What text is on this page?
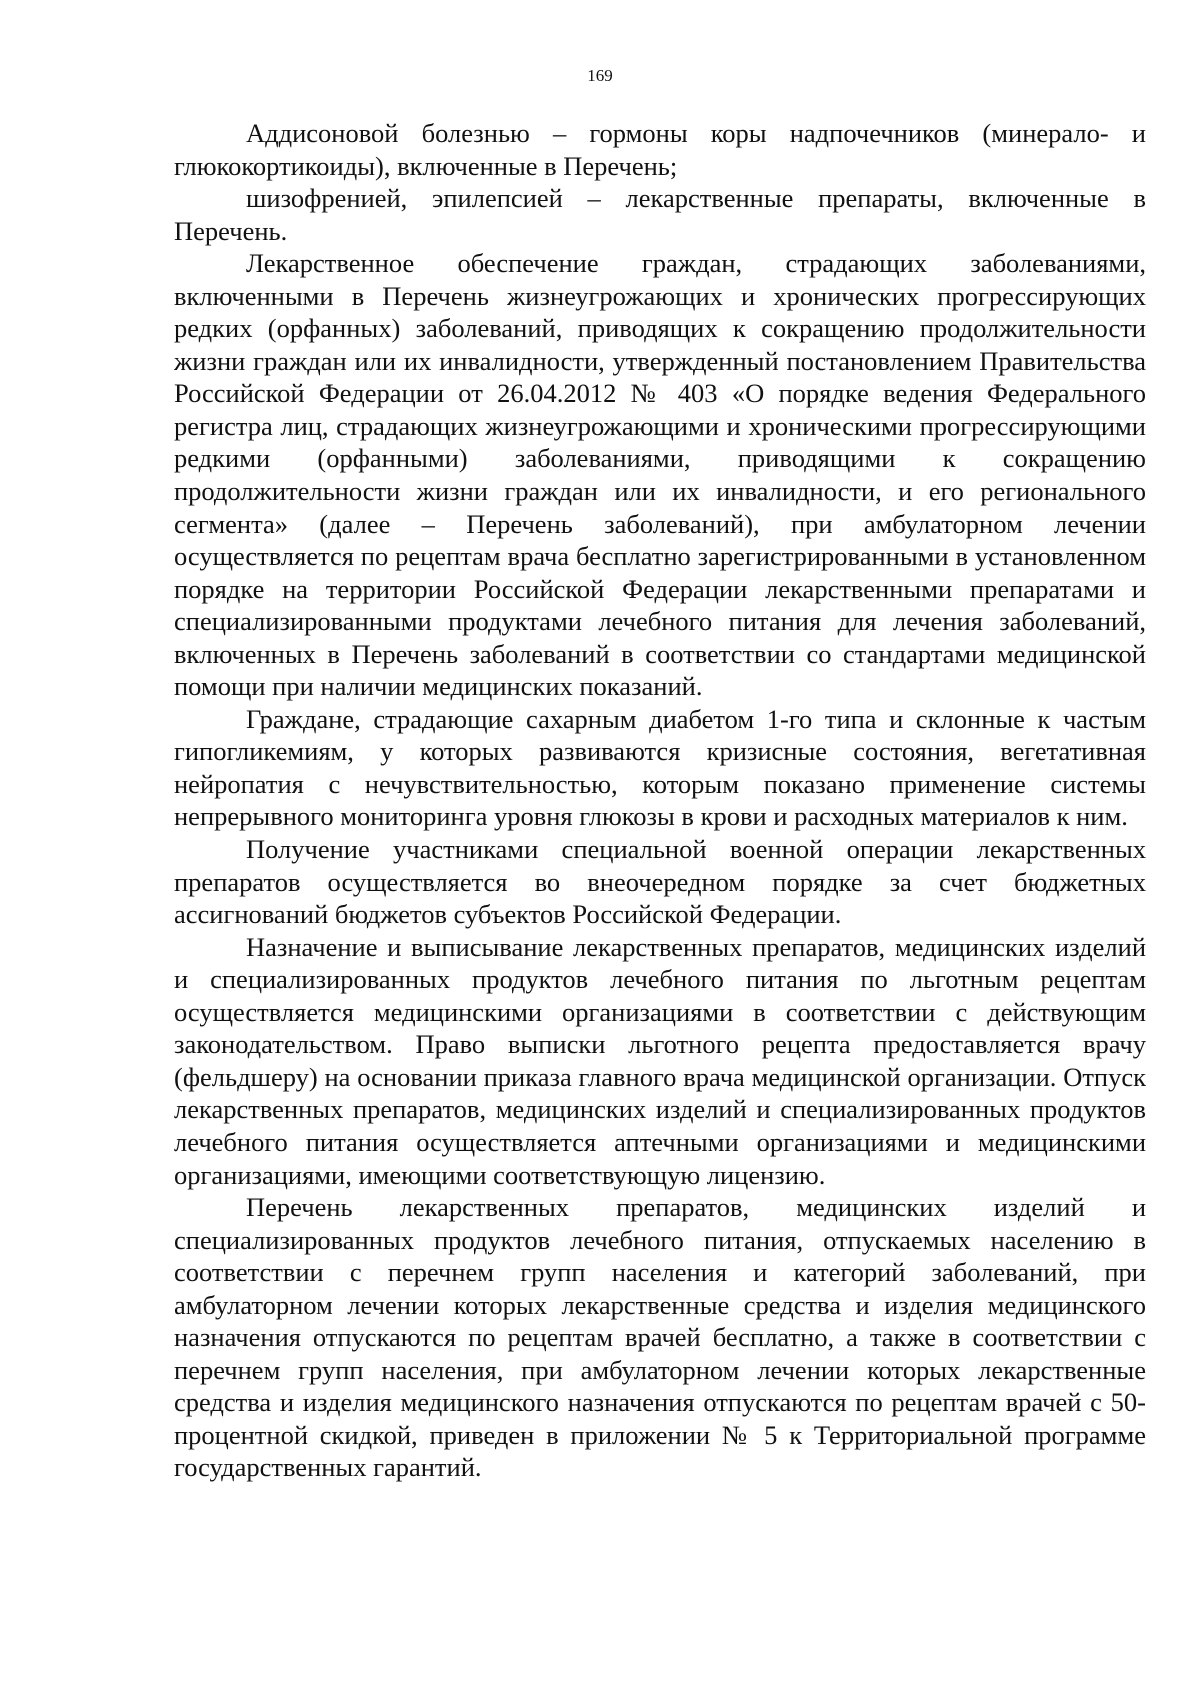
169

Аддисоновой болезнью – гормоны коры надпочечников (минерало- и глюкокортикоиды), включенные в Перечень;

шизофренией, эпилепсией – лекарственные препараты, включенные в Перечень.

Лекарственное обеспечение граждан, страдающих заболеваниями, включенными в Перечень жизнеугрожающих и хронических прогрессирующих редких (орфанных) заболеваний, приводящих к сокращению продолжительности жизни граждан или их инвалидности, утвержденный постановлением Правительства Российской Федерации от 26.04.2012 № 403 «О порядке ведения Федерального регистра лиц, страдающих жизнеугрожающими и хроническими прогрессирующими редкими (орфанными) заболеваниями, приводящими к сокращению продолжительности жизни граждан или их инвалидности, и его регионального сегмента» (далее – Перечень заболеваний), при амбулаторном лечении осуществляется по рецептам врача бесплатно зарегистрированными в установленном порядке на территории Российской Федерации лекарственными препаратами и специализированными продуктами лечебного питания для лечения заболеваний, включенных в Перечень заболеваний в соответствии со стандартами медицинской помощи при наличии медицинских показаний.

Граждане, страдающие сахарным диабетом 1-го типа и склонные к частым гипогликемиям, у которых развиваются кризисные состояния, вегетативная нейропатия с нечувствительностью, которым показано применение системы непрерывного мониторинга уровня глюкозы в крови и расходных материалов к ним.

Получение участниками специальной военной операции лекарственных препаратов осуществляется во внеочередном порядке за счет бюджетных ассигнований бюджетов субъектов Российской Федерации.

Назначение и выписывание лекарственных препаратов, медицинских изделий и специализированных продуктов лечебного питания по льготным рецептам осуществляется медицинскими организациями в соответствии с действующим законодательством. Право выписки льготного рецепта предоставляется врачу (фельдшеру) на основании приказа главного врача медицинской организации. Отпуск лекарственных препаратов, медицинских изделий и специализированных продуктов лечебного питания осуществляется аптечными организациями и медицинскими организациями, имеющими соответствующую лицензию.

Перечень лекарственных препаратов, медицинских изделий и специализированных продуктов лечебного питания, отпускаемых населению в соответствии с перечнем групп населения и категорий заболеваний, при амбулаторном лечении которых лекарственные средства и изделия медицинского назначения отпускаются по рецептам врачей бесплатно, а также в соответствии с перечнем групп населения, при амбулаторном лечении которых лекарственные средства и изделия медицинского назначения отпускаются по рецептам врачей с 50-процентной скидкой, приведен в приложении № 5 к Территориальной программе государственных гарантий.
